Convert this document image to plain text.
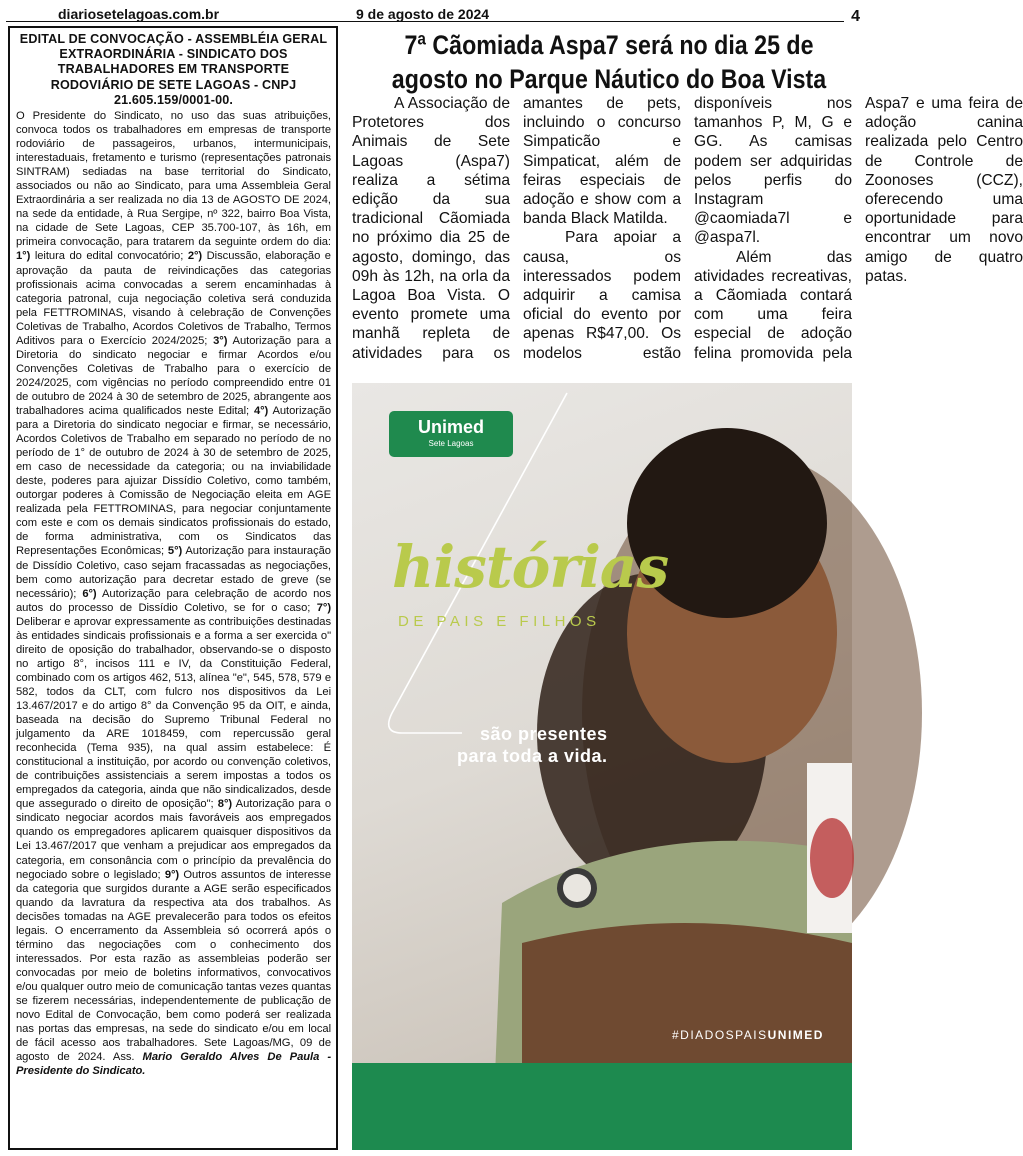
diariosetelagoas.com.br	9 de agosto de 2024	4
EDITAL DE CONVOCAÇÃO - ASSEMBLÉIA GERAL EXTRAORDINÁRIA - SINDICATO DOS TRABALHADORES EM TRANSPORTE RODOVIÁRIO DE SETE LAGOAS - CNPJ 21.605.159/0001-00.
O Presidente do Sindicato, no uso das suas atribuições, convoca todos os trabalhadores em empresas de transporte rodoviário de passageiros, urbanos, intermunicipais, interestaduais, fretamento e turismo (representações patronais SINTRAM) sediadas na base territorial do Sindicato, associados ou não ao Sindicato, para uma Assembleia Geral Extraordinária a ser realizada no dia 13 de AGOSTO DE 2024, na sede da entidade, à Rua Sergipe, nº 322, bairro Boa Vista, na cidade de Sete Lagoas, CEP 35.700-107, às 16h, em primeira convocação, para tratarem da seguinte ordem do dia: 1°) leitura do edital convocatório; 2°) Discussão, elaboração e aprovação da pauta de reivindicações das categorias profissionais acima convocadas a serem encaminhadas à categoria patronal, cuja negociação coletiva será conduzida pela FETTROMINAS, visando à celebração de Convenções Coletivas de Trabalho, Acordos Coletivos de Trabalho, Termos Aditivos para o Exercício 2024/2025; 3°) Autorização para a Diretoria do sindicato negociar e firmar Acordos e/ou Convenções Coletivas de Trabalho para o exercício de 2024/2025, com vigências no período compreendido entre 01 de outubro de 2024 à 30 de setembro de 2025, abrangente aos trabalhadores acima qualificados neste Edital; 4°) Autorização para a Diretoria do sindicato negociar e firmar, se necessário, Acordos Coletivos de Trabalho em separado no período de no período de 1° de outubro de 2024 à 30 de setembro de 2025, em caso de necessidade da categoria; ou na inviabilidade deste, poderes para ajuizar Dissídio Coletivo, como também, outorgar poderes à Comissão de Negociação eleita em AGE realizada pela FETTROMINAS, para negociar conjuntamente com este e com os demais sindicatos profissionais do estado, de forma administrativa, com os Sindicatos das Representações Econômicas; 5°) Autorização para instauração de Dissídio Coletivo, caso sejam fracassadas as negociações, bem como autorização para decretar estado de greve (se necessário); 6°) Autorização para celebração de acordo nos autos do processo de Dissídio Coletivo, se for o caso; 7°) Deliberar e aprovar expressamente as contribuições destinadas às entidades sindicais profissionais e a forma a ser exercida o" direito de oposição do trabalhador, observando-se o disposto no artigo 8°, incisos 111 e IV, da Constituição Federal, combinado com os artigos 462, 513, alínea "e", 545, 578, 579 e 582, todos da CLT, com fulcro nos dispositivos da Lei 13.467/2017 e do artigo 8° da Convenção 95 da OIT, e ainda, baseada na decisão do Supremo Tribunal Federal no julgamento da ARE 1018459, com repercussão geral reconhecida (Tema 935), na qual assim estabelece: É constitucional a instituição, por acordo ou convenção coletivos, de contribuições assistenciais a serem impostas a todos os empregados da categoria, ainda que não sindicalizados, desde que assegurado o direito de oposição"; 8°) Autorização para o sindicato negociar acordos mais favoráveis aos empregados quando os empregadores aplicarem quaisquer dispositivos da Lei 13.467/2017 que venham a prejudicar aos empregados da categoria, em consonância com o princípio da prevalência do negociado sobre o legislado; 9°) Outros assuntos de interesse da categoria que surgidos durante a AGE serão especificados quando da lavratura da respectiva ata dos trabalhos. As decisões tomadas na AGE prevalecerão para todos os efeitos legais. O encerramento da Assembleia só ocorrerá após o término das negociações com o conhecimento dos interessados. Por esta razão as assembleias poderão ser convocadas por meio de boletins informativos, convocativos e/ou qualquer outro meio de comunicação tantas vezes quantas se fizerem necessárias, independentemente de publicação de novo Edital de Convocação, bem como poderá ser realizada nas portas das empresas, na sede do sindicato e/ou em local de fácil acesso aos trabalhadores. Sete Lagoas/MG, 09 de agosto de 2024. Ass. Mario Geraldo Alves De Paula - Presidente do Sindicato.
7ª Cãomiada Aspa7 será no dia 25 de agosto no Parque Náutico do Boa Vista

A Associação de Protetores dos Animais de Sete Lagoas (Aspa7) realiza a sétima edição da sua tradicional Cãomiada no próximo dia 25 de agosto, domingo, das 09h às 12h, na orla da Lagoa Boa Vista. O evento promete uma manhã repleta de atividades para os amantes de pets, incluindo o concurso Simpaticão e Simpaticat, além de feiras especiais de adoção e show com a banda Black Matilda.

Para apoiar a causa, os interessados podem adquirir a camisa oficial do evento por apenas R$47,00. Os modelos estão disponíveis nos tamanhos P, M, G e GG. As camisas podem ser adquiridas pelos perfis do Instagram @caomiada7l e @aspa7l.

Além das atividades recreativas, a Cãomiada contará com uma feira especial de adoção felina promovida pela Aspa7 e uma feira de adoção canina realizada pelo Centro de Controle de Zoonoses (CCZ), oferecendo uma oportunidade para encontrar um novo amigo de quatro patas.

Unimed
Sete Lagoas
histórias
DE PAIS E FILHOS
são presentes
para toda a vida.
#DIADOSPAISUNIMED
